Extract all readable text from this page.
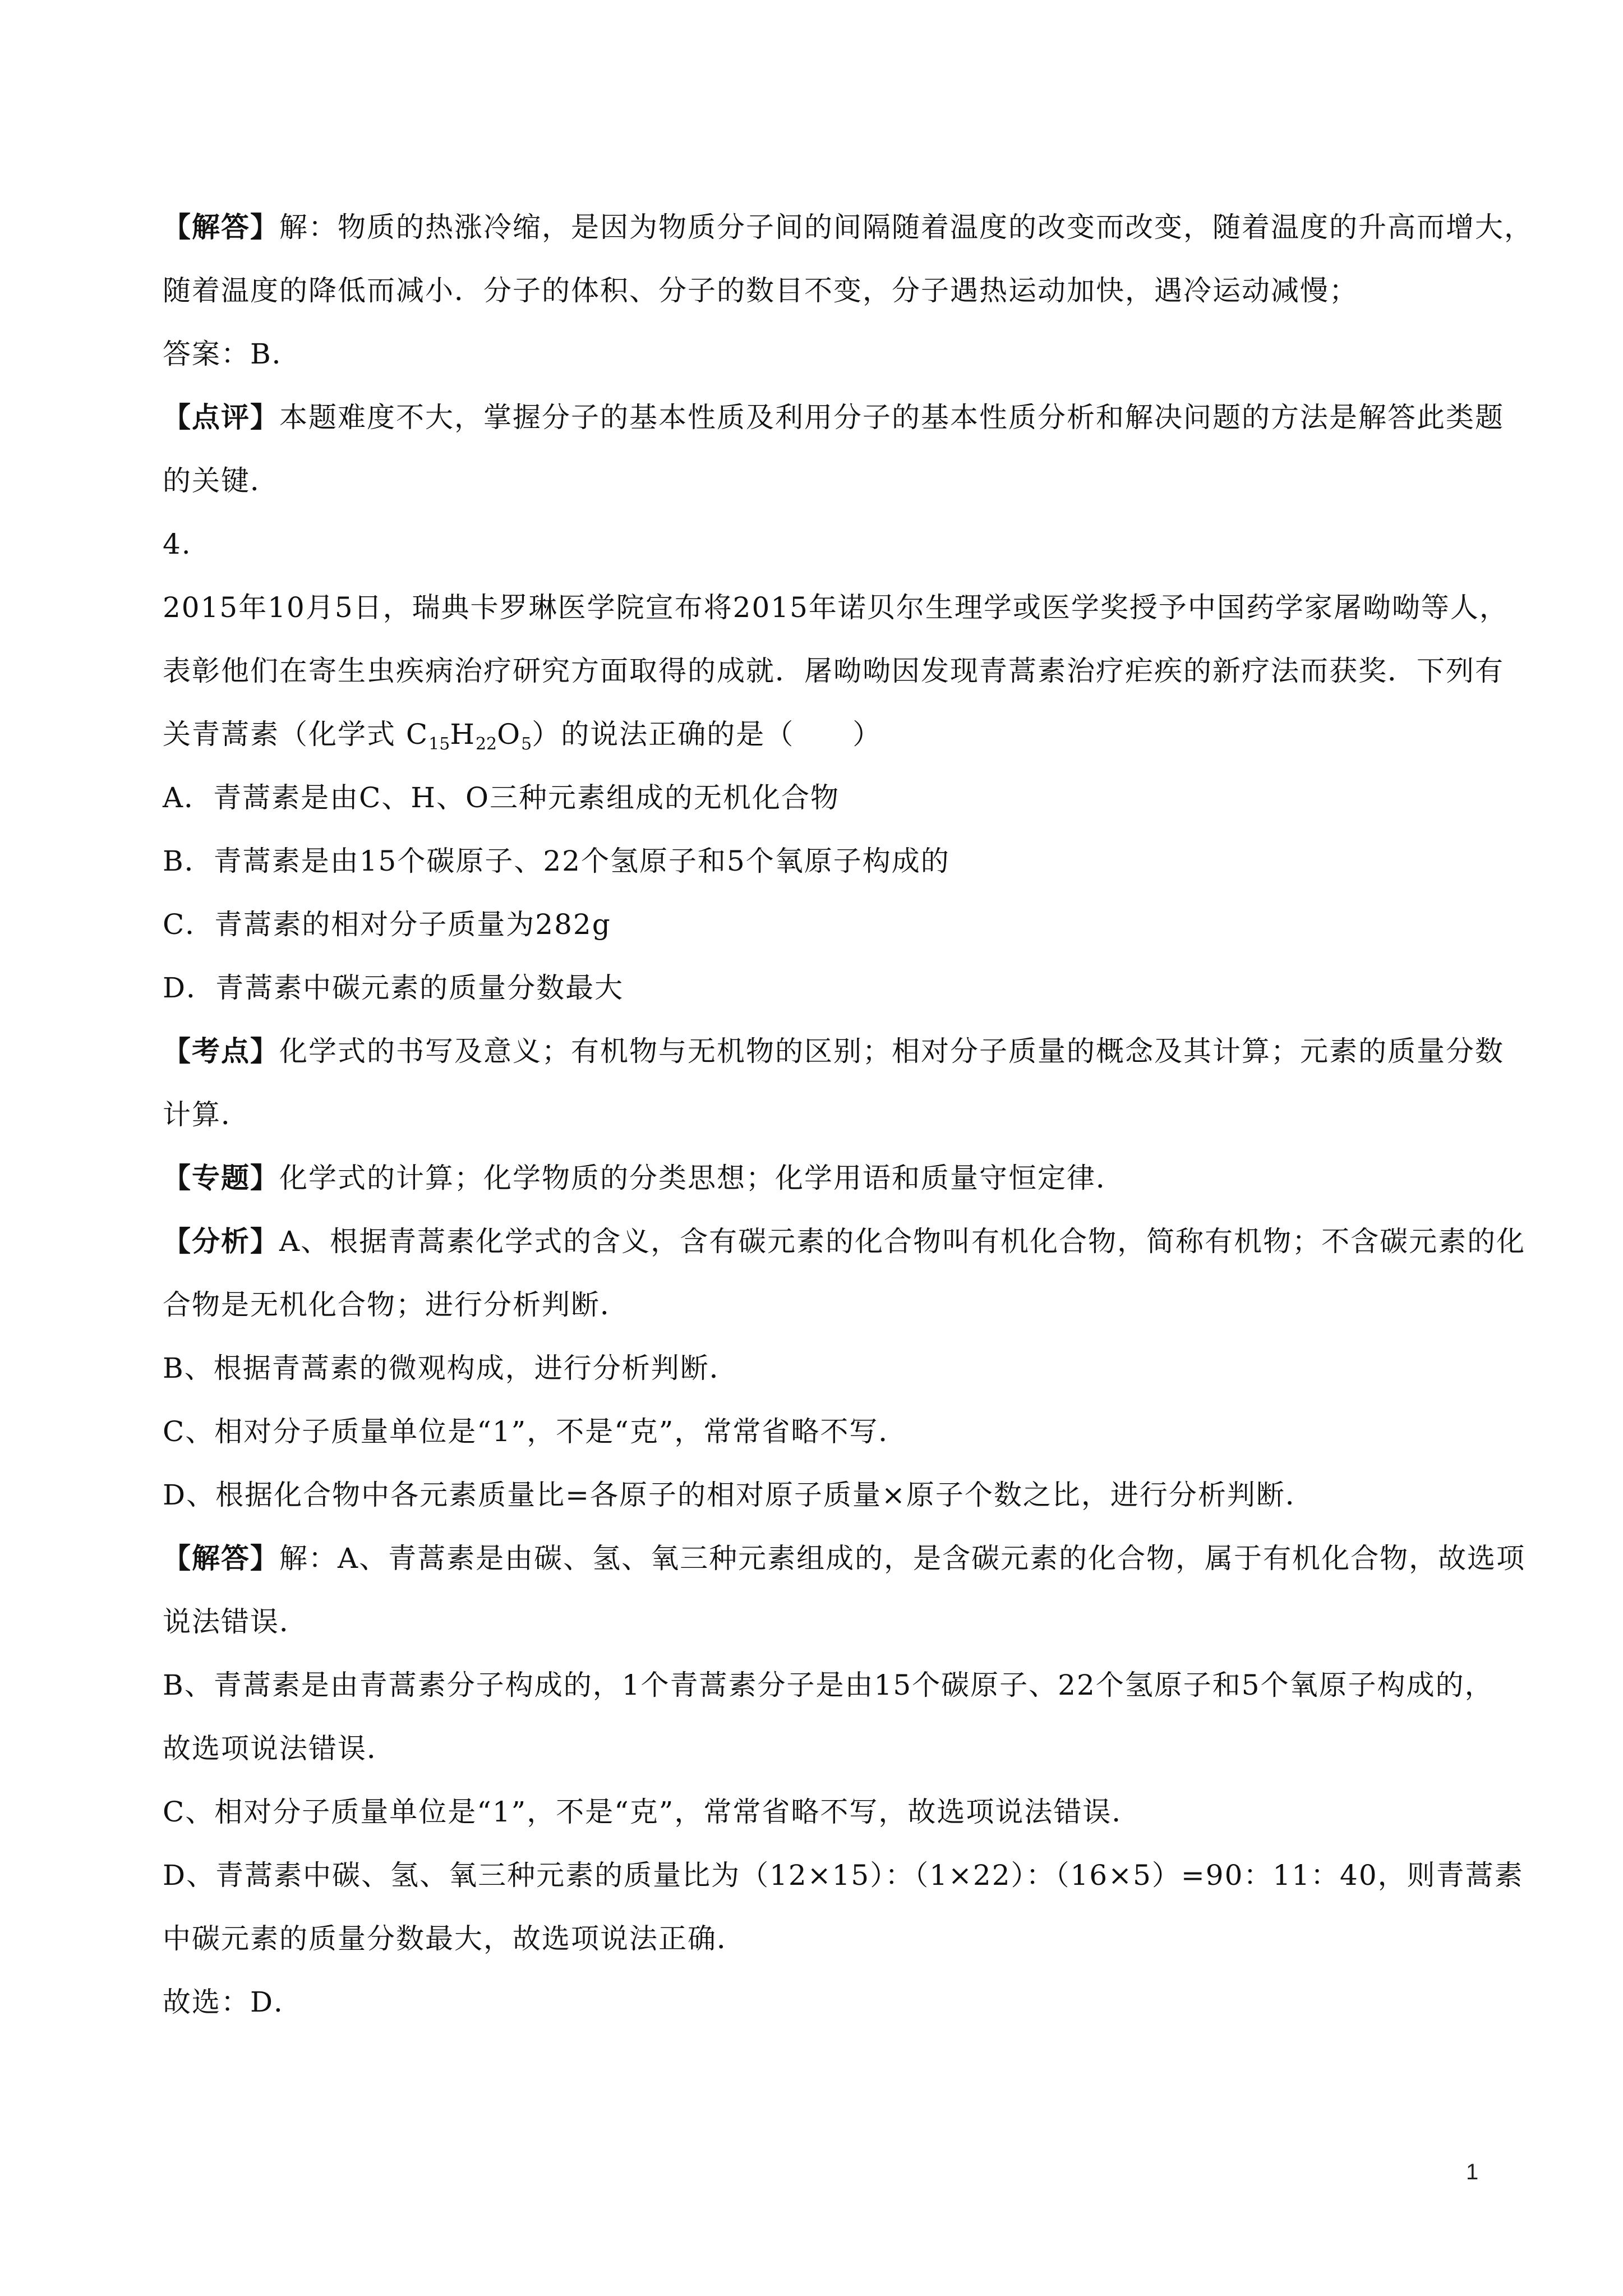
【解答】解：物质的热涨冷缩，是因为物质分子间的间隔随着温度的改变而改变，随着温度的升高而增大，
随着温度的降低而减小．分子的体积、分子的数目不变，分子遇热运动加快，遇冷运动减慢；
答案：B．
【点评】本题难度不大，掌握分子的基本性质及利用分子的基本性质分析和解决问题的方法是解答此类题
的关键．
4.
2015年10月5日，瑞典卡罗琳医学院宣布将2015年诺贝尔生理学或医学奖授予中国药学家屠呦呦等人，
表彰他们在寄生虫疾病治疗研究方面取得的成就．屠呦呦因发现青蒿素治疗疟疾的新疗法而获奖．下列有
关青蒿素（化学式 $C_{15}H_{22}O_5$）的说法正确的是（　　）
A．青蒿素是由C、H、O三种元素组成的无机化合物
B．青蒿素是由15个碳原子、22个氢原子和5个氧原子构成的
C．青蒿素的相对分子质量为282g
D．青蒿素中碳元素的质量分数最大
【考点】化学式的书写及意义；有机物与无机物的区别；相对分子质量的概念及其计算；元素的质量分数
计算．
【专题】化学式的计算；化学物质的分类思想；化学用语和质量守恒定律．
【分析】A、根据青蒿素化学式的含义，含有碳元素的化合物叫有机化合物，简称有机物；不含碳元素的化
合物是无机化合物；进行分析判断．
B、根据青蒿素的微观构成，进行分析判断．
C、相对分子质量单位是“1”，不是“克”，常常省略不写．
D、根据化合物中各元素质量比=各原子的相对原子质量×原子个数之比，进行分析判断．
【解答】解：A、青蒿素是由碳、氢、氧三种元素组成的，是含碳元素的化合物，属于有机化合物，故选项
说法错误．
B、青蒿素是由青蒿素分子构成的，1个青蒿素分子是由15个碳原子、22个氢原子和5个氧原子构成的，
故选项说法错误．
C、相对分子质量单位是“1”，不是“克”，常常省略不写，故选项说法错误．
D、青蒿素中碳、氢、氧三种元素的质量比为（12×15）：（1×22）：（16×5）=90：11：40，则青蒿素
中碳元素的质量分数最大，故选项说法正确．
故选：D．
1
